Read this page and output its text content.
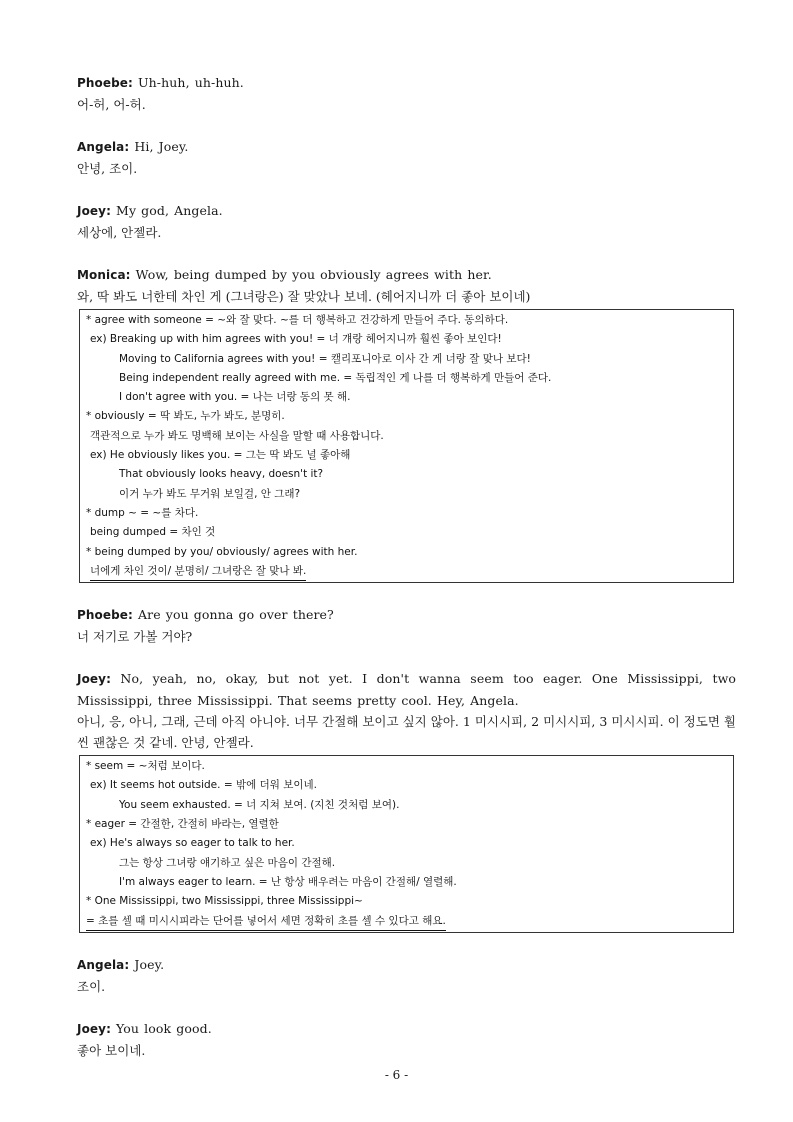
Phoebe: Uh-huh, uh-huh.
어-허, 어-허.
Angela: Hi, Joey.
안녕, 조이.
Joey: My god, Angela.
세상에, 안젤라.
Monica: Wow, being dumped by you obviously agrees with her.
와, 딱 봐도 너한테 차인 게 (그녀랑은) 잘 맞았나 보네. (헤어지니까 더 좋아 보이네)
* agree with someone = ~와 잘 맞다. ~를 더 행복하고 건강하게 만들어 주다. 동의하다.
ex) Breaking up with him agrees with you! = 너 걔랑 헤어지니까 훨씬 좋아 보인다!
Moving to California agrees with you! = 캘리포니아로 이사 간 게 너랑 잘 맞나 보다!
Being independent really agreed with me. = 독립적인 게 나를 더 행복하게 만들어 준다.
I don't agree with you. = 나는 너랑 동의 못 해.
* obviously = 딱 봐도, 누가 봐도, 분명히.
객관적으로 누가 봐도 명백해 보이는 사실을 말할 때 사용합니다.
ex) He obviously likes you. = 그는 딱 봐도 널 좋아해
That obviously looks heavy, doesn't it?
이거 누가 봐도 무거워 보일걸, 안 그래?
* dump ~ = ~를 차다.
being dumped = 차인 것
* being dumped by you/ obviously/ agrees with her.
너에게 차인 것이/ 분명히/ 그녀랑은 잘 맞나 봐.
Phoebe: Are you gonna go over there?
너 저기로 가볼 거야?
Joey: No, yeah, no, okay, but not yet. I don't wanna seem too eager. One Mississippi, two Mississippi, three Mississippi. That seems pretty cool. Hey, Angela.
아니, 응, 아니, 그래, 근데 아직 아니야. 너무 간절해 보이고 싶지 않아. 1 미시시피, 2 미시시피, 3 미시시피. 이 정도면 훨씬 괜찮은 것 같네. 안녕, 안젤라.
* seem = ~처럼 보이다.
ex) It seems hot outside. = 밖에 더워 보이네.
You seem exhausted. = 너 지쳐 보여. (지친 것처럼 보여).
* eager = 간절한, 간절히 바라는, 열렬한
ex) He's always so eager to talk to her.
그는 항상 그녀랑 얘기하고 싶은 마음이 간절해.
I'm always eager to learn. = 난 항상 배우려는 마음이 간절해/ 열렬해.
* One Mississippi, two Mississippi, three Mississippi~
= 초를 셀 때 미시시피라는 단어를 넣어서 세면 정확히 초를 셀 수 있다고 해요.
Angela: Joey.
조이.
Joey: You look good.
좋아 보이네.
- 6 -
